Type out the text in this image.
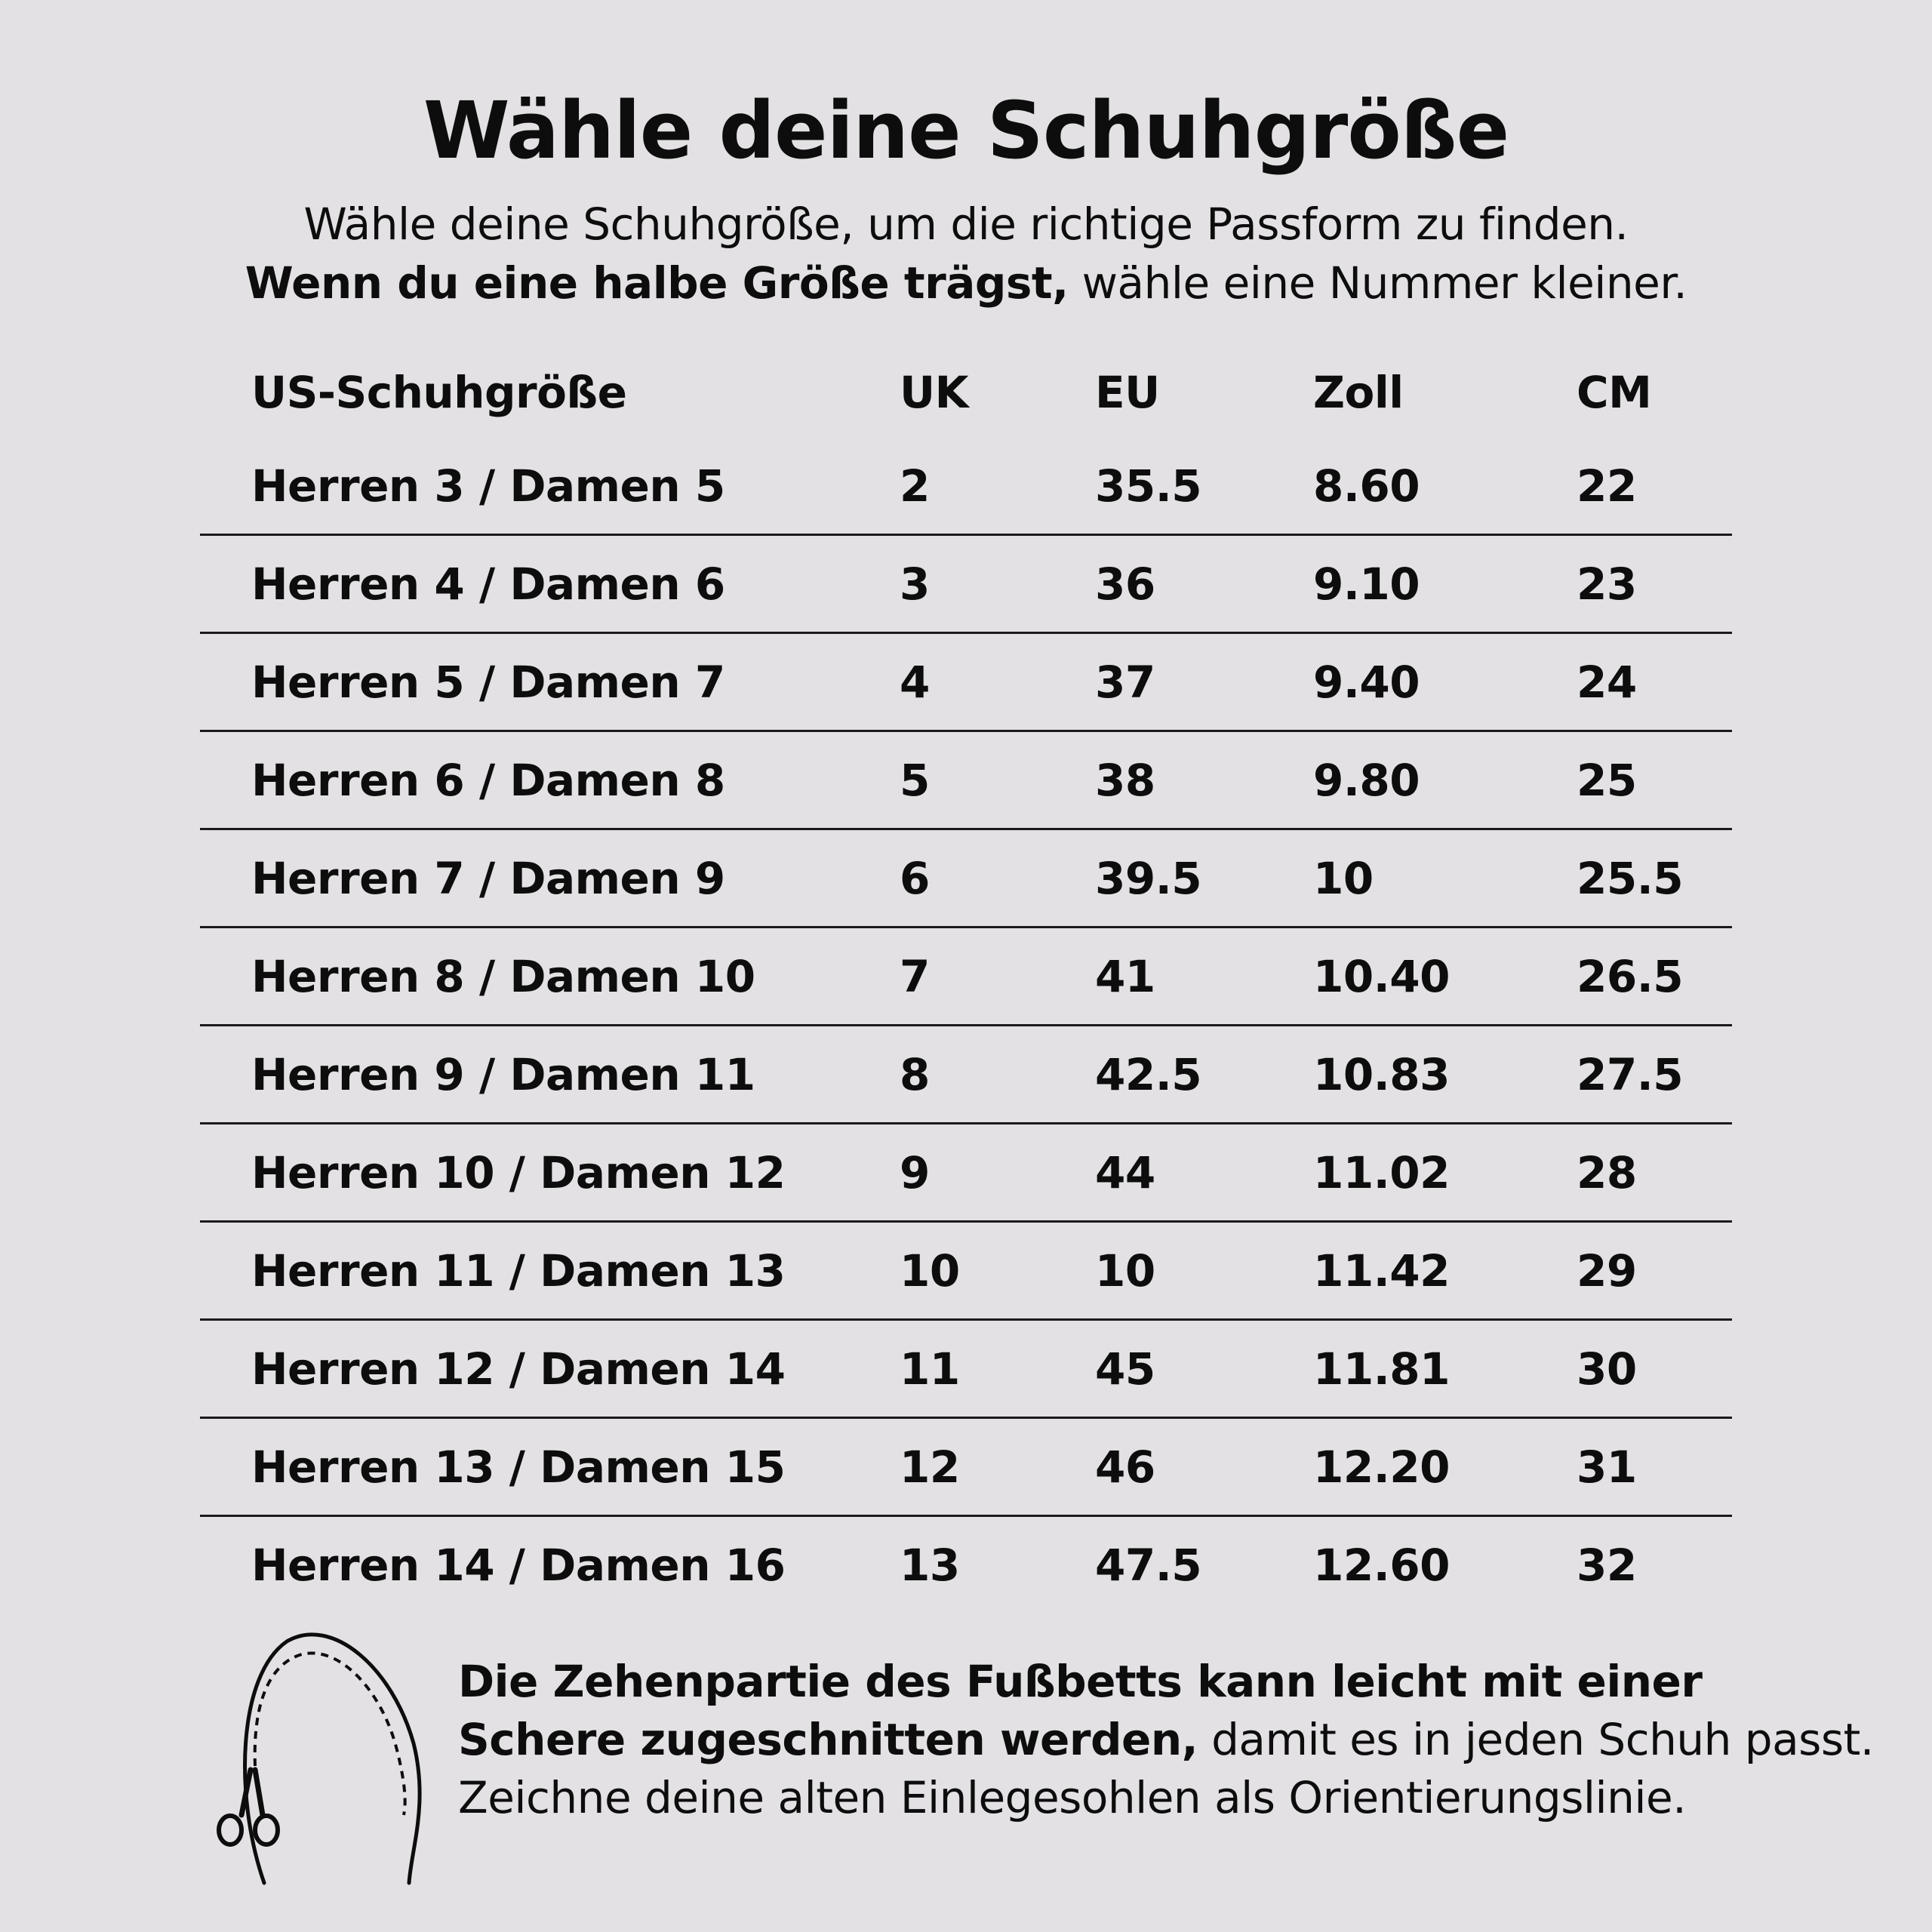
Wähle deine Schuhgröße
Wähle deine Schuhgröße, um die richtige Passform zu finden.
Wenn du eine halbe Größe trägst, wähle eine Nummer kleiner.
US-Schuhgröße	UK	EU	Zoll	CM
Herren 3 / Damen 5	2	35.5	8.60	22
Herren 4 / Damen 6	3	36	9.10	23
Herren 5 / Damen 7	4	37	9.40	24
Herren 6 / Damen 8	5	38	9.80	25
Herren 7 / Damen 9	6	39.5	10	25.5
Herren 8 / Damen 10	7	41	10.40	26.5
Herren 9 / Damen 11	8	42.5	10.83	27.5
Herren 10 / Damen 12	9	44	11.02	28
Herren 11 / Damen 13	10	10	11.42	29
Herren 12 / Damen 14	11	45	11.81	30
Herren 13 / Damen 15	12	46	12.20	31
Herren 14 / Damen 16	13	47.5	12.60	32
Die Zehenpartie des Fußbetts kann leicht mit einer Schere zugeschnitten werden, damit es in jeden Schuh passt. Zeichne deine alten Einlegesohlen als Orientierungslinie.
